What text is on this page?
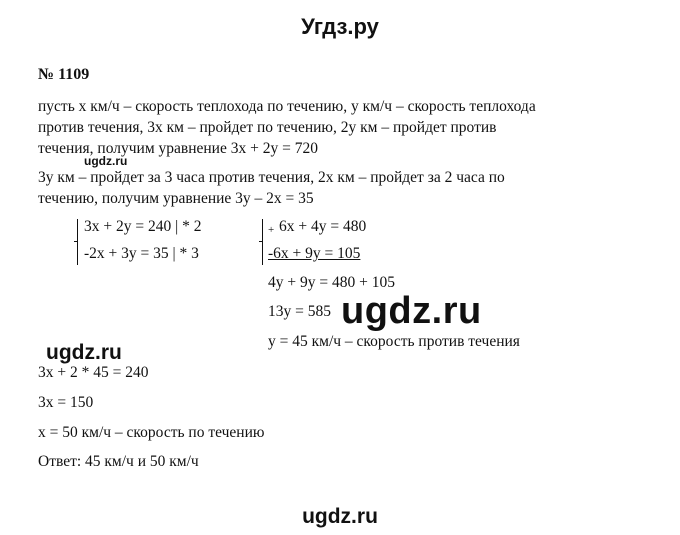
Угдз.ру
№ 1109
пусть х км/ч – скорость теплохода по течению, у км/ч – скорость теплохода
против течения, 3х км – пройдет по течению, 2у км – пройдет против
течения, получим уравнение 3х + 2у = 720
ugdz.ru
3у км – пройдет за 3 часа против течения, 2х км – пройдет за 2 часа по
течению, получим уравнение 3у – 2х = 35
3х + 2у = 240 | * 2
-2х + 3у = 35 | * 3
+ 6х + 4у = 480
-6х + 9у = 105
4у + 9у = 480 + 105
13у = 585 ugdz.ru
у = 45 км/ч – скорость против течения
ugdz.ru
3х + 2 * 45 = 240
3х = 150
х = 50 км/ч – скорость по течению
Ответ: 45 км/ч и 50 км/ч
ugdz.ru
